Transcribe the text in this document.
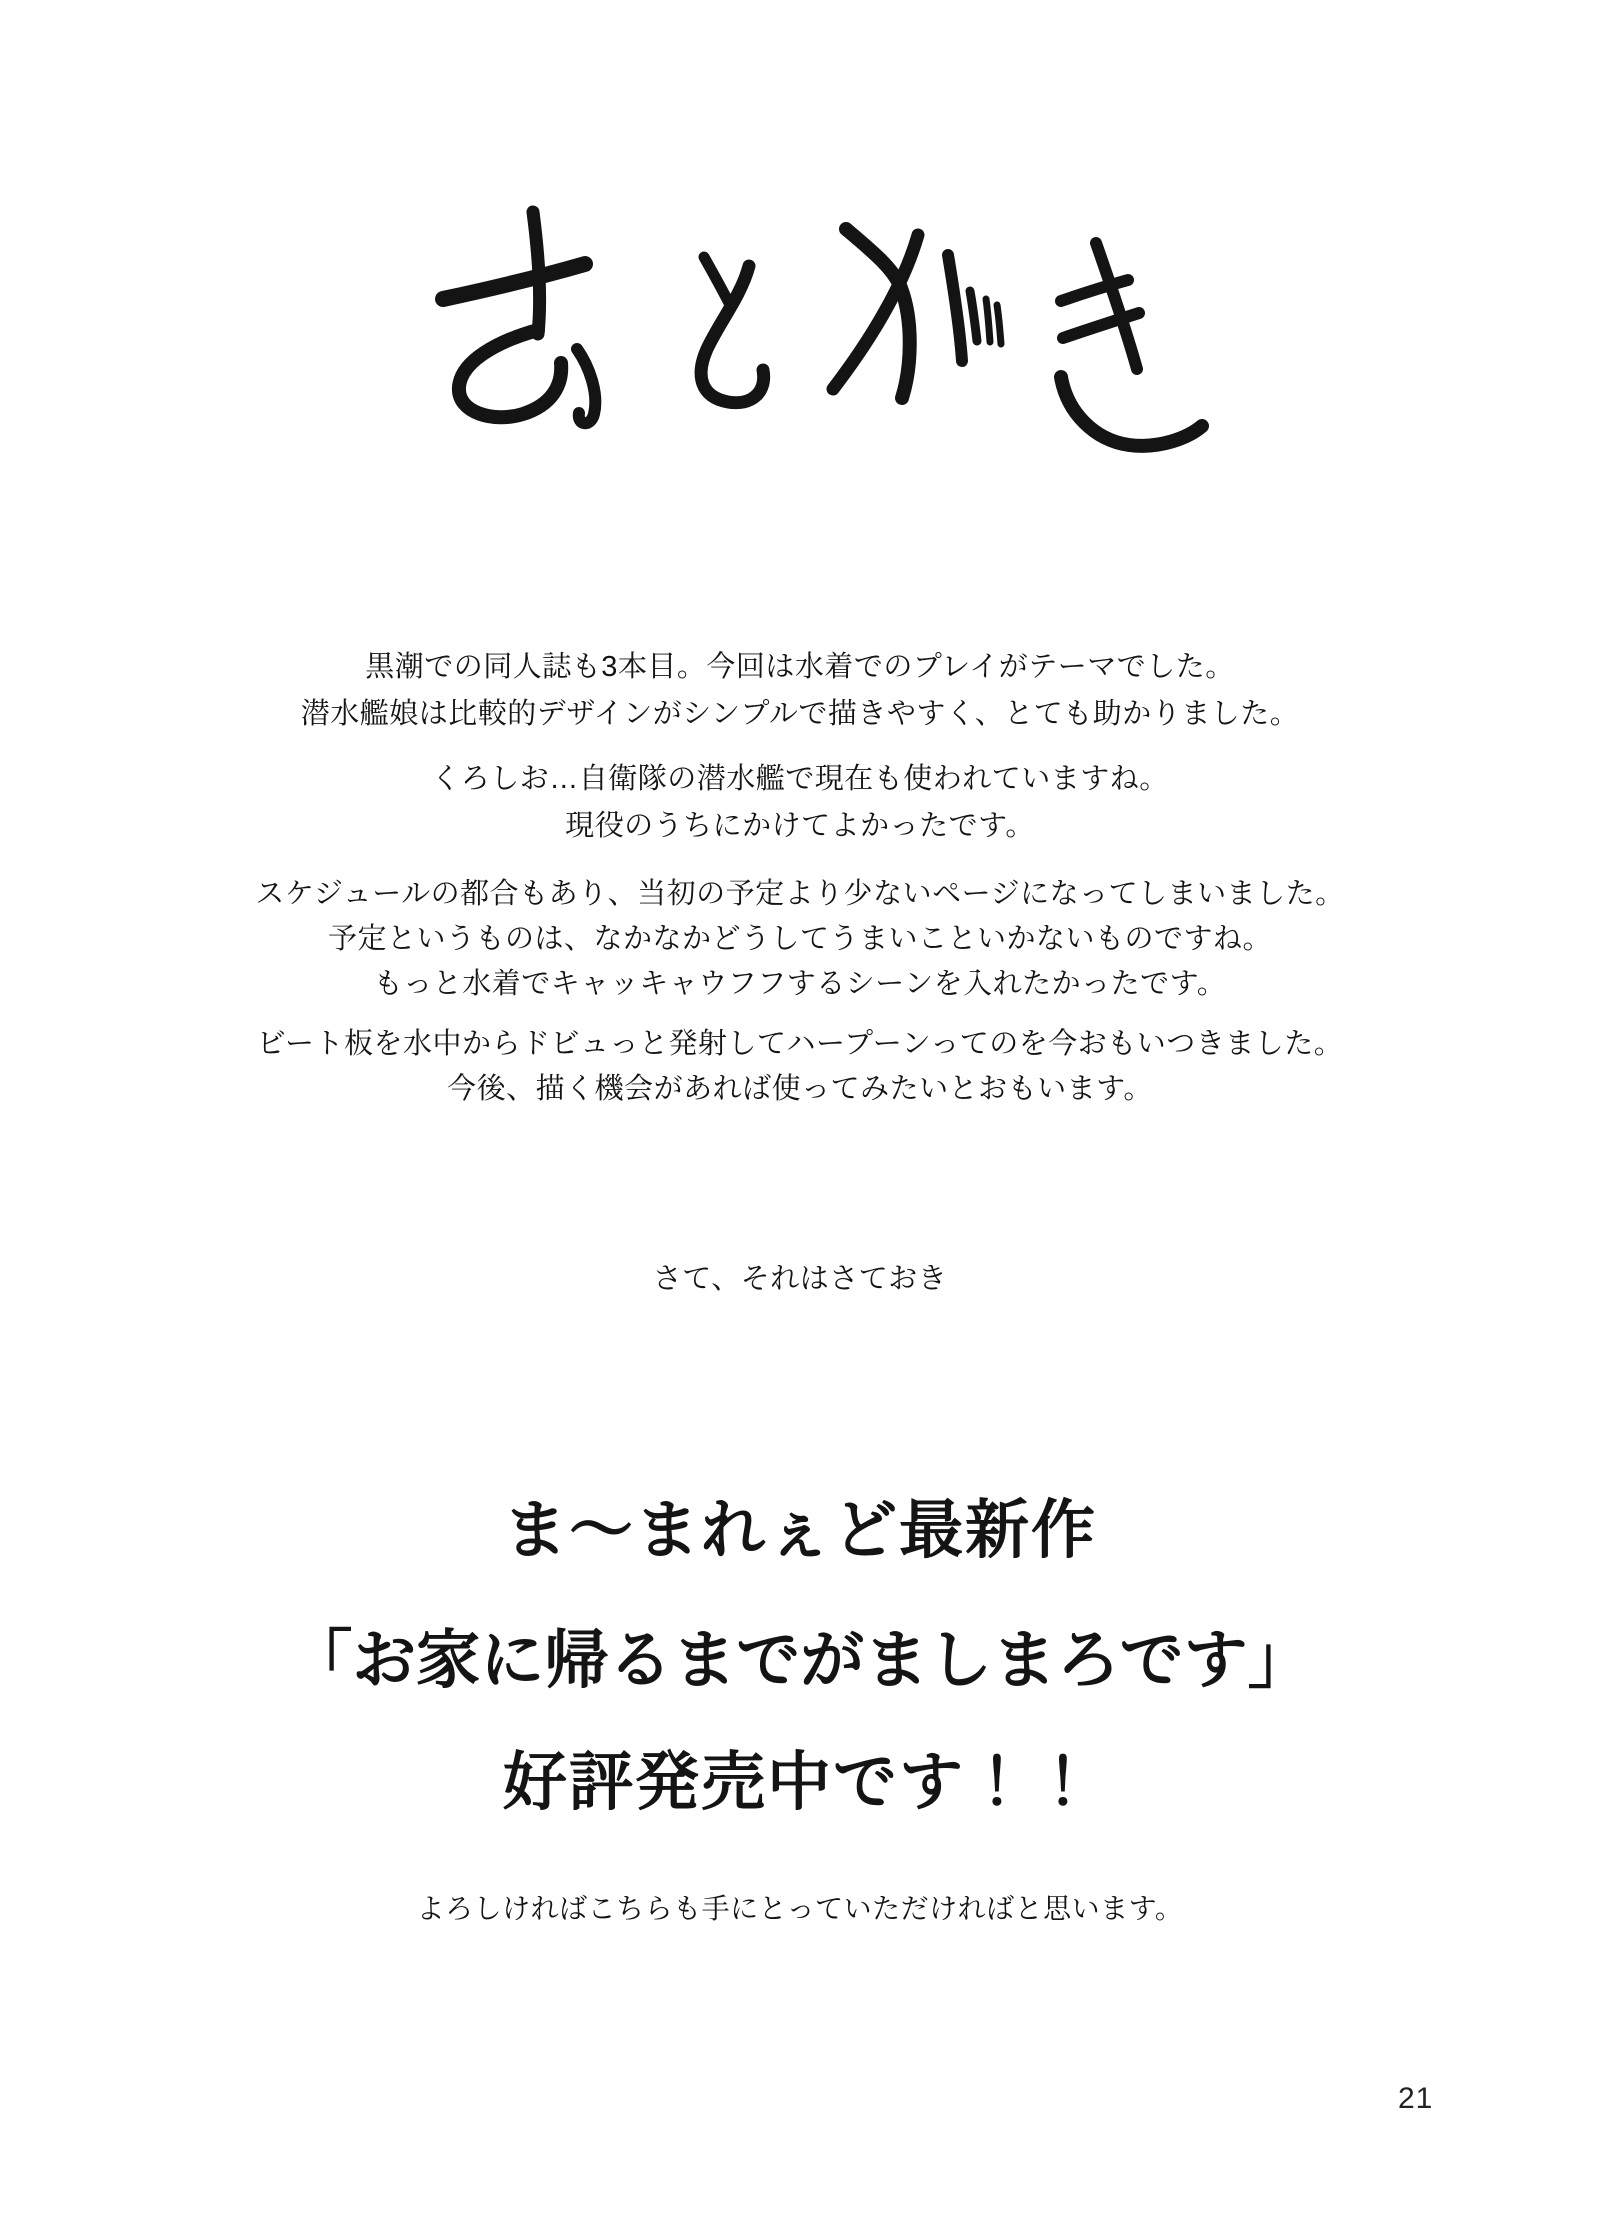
黒潮での同人誌も3本目。今回は水着でのプレイがテーマでした。
潜水艦娘は比較的デザインがシンプルで描きやすく、とても助かりました。

くろしお…自衛隊の潜水艦で現在も使われていますね。
現役のうちにかけてよかったです。

スケジュールの都合もあり、当初の予定より少ないページになってしまいました。
予定というものは、なかなかどうしてうまいこといかないものですね。
もっと水着でキャッキャウフフするシーンを入れたかったです。

ビート板を水中からドビュっと発射してハープーンってのを今おもいつきました。
今後、描く機会があれば使ってみたいとおもいます。

さて、それはさておき
ま〜まれぇど最新作
「お家に帰るまでがましまろです」
好評発売中です！！
よろしければこちらも手にとっていただければと思います。
21
